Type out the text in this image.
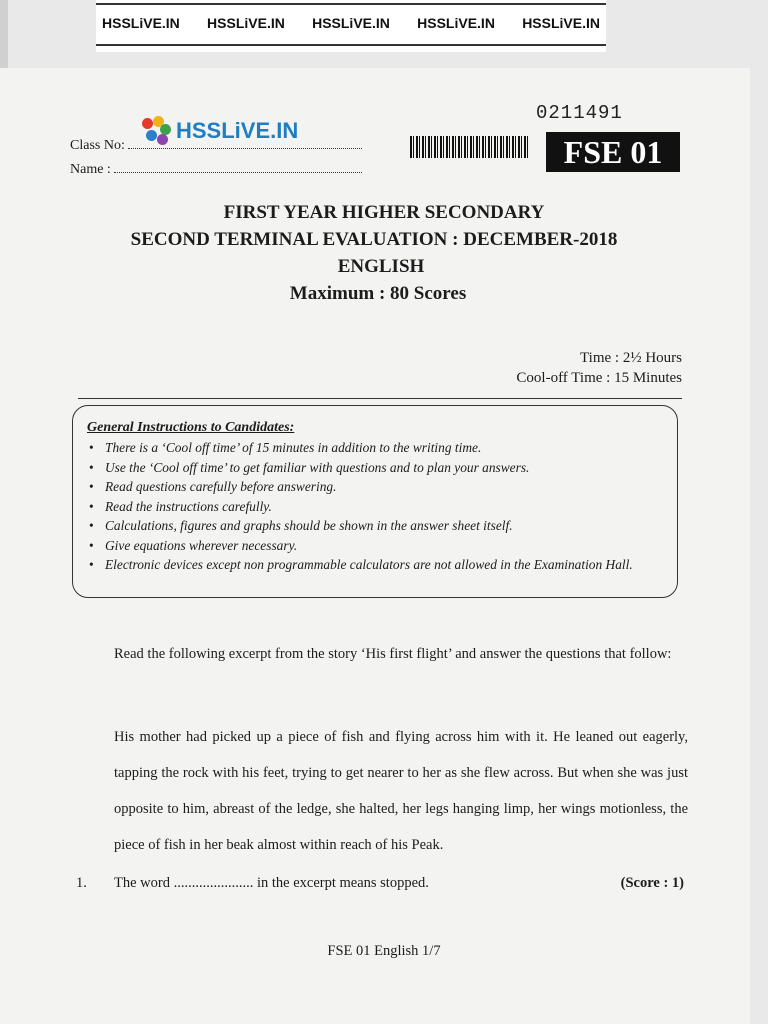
HSSLiVE.IN HSSLiVE.IN HSSLiVE.IN HSSLiVE.IN HSSLiVE.IN
0211491
Class No:
Name :
HSSLiVE.IN
FSE 01
FIRST YEAR HIGHER SECONDARY
SECOND TERMINAL EVALUATION : DECEMBER-2018
ENGLISH
Maximum : 80 Scores
Time : 2½ Hours
Cool-off Time : 15 Minutes
General Instructions to Candidates:
• There is a ‘Cool off time’ of 15 minutes in addition to the writing time.
• Use the ‘Cool off time’ to get familiar with questions and to plan your answers.
• Read questions carefully before answering.
• Read the instructions carefully.
• Calculations, figures and graphs should be shown in the answer sheet itself.
• Give equations wherever necessary.
• Electronic devices except non programmable calculators are not allowed in the Examination Hall.
Read the following excerpt from the story ‘His first flight’ and answer the questions that follow:
His mother had picked up a piece of fish and flying across him with it. He leaned out eagerly, tapping the rock with his feet, trying to get nearer to her as she flew across. But when she was just opposite to him, abreast of the ledge, she halted, her legs hanging limp, her wings motionless, the piece of fish in her beak almost within reach of his Peak.
1. The word ...................... in the excerpt means stopped.	(Score : 1)
FSE 01 English 1/7
